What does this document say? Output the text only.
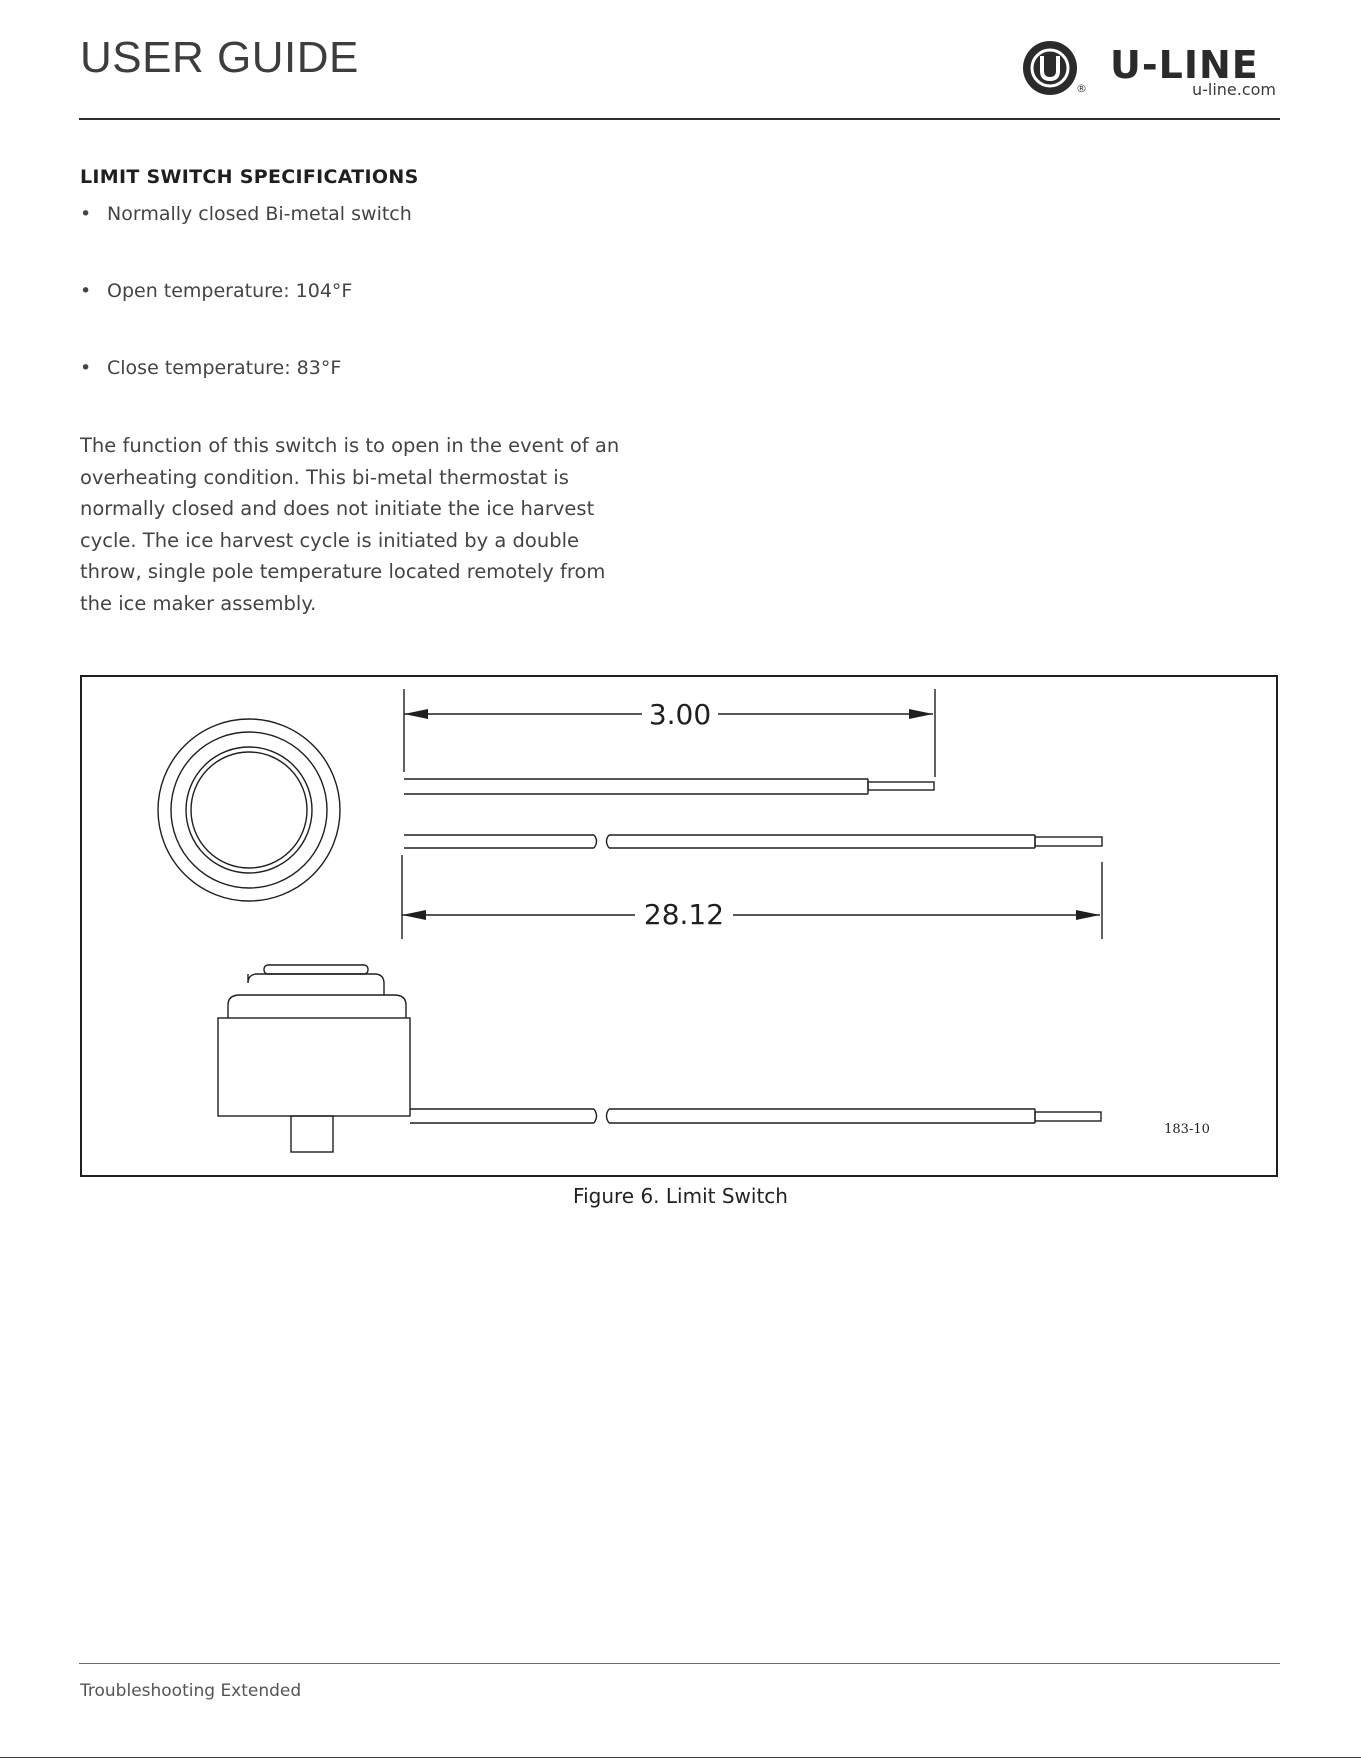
USER GUIDE
®
U-LINE
u-line.com
LIMIT SWITCH SPECIFICATIONS
• Normally closed Bi-metal switch
• Open temperature: 104°F
• Close temperature: 83°F

The function of this switch is to open in the event of an overheating condition. This bi-metal thermostat is normally closed and does not initiate the ice harvest cycle. The ice harvest cycle is initiated by a double throw, single pole temperature located remotely from the ice maker assembly.

3.00
28.12
183-10
Figure 6. Limit Switch
Troubleshooting Extended
